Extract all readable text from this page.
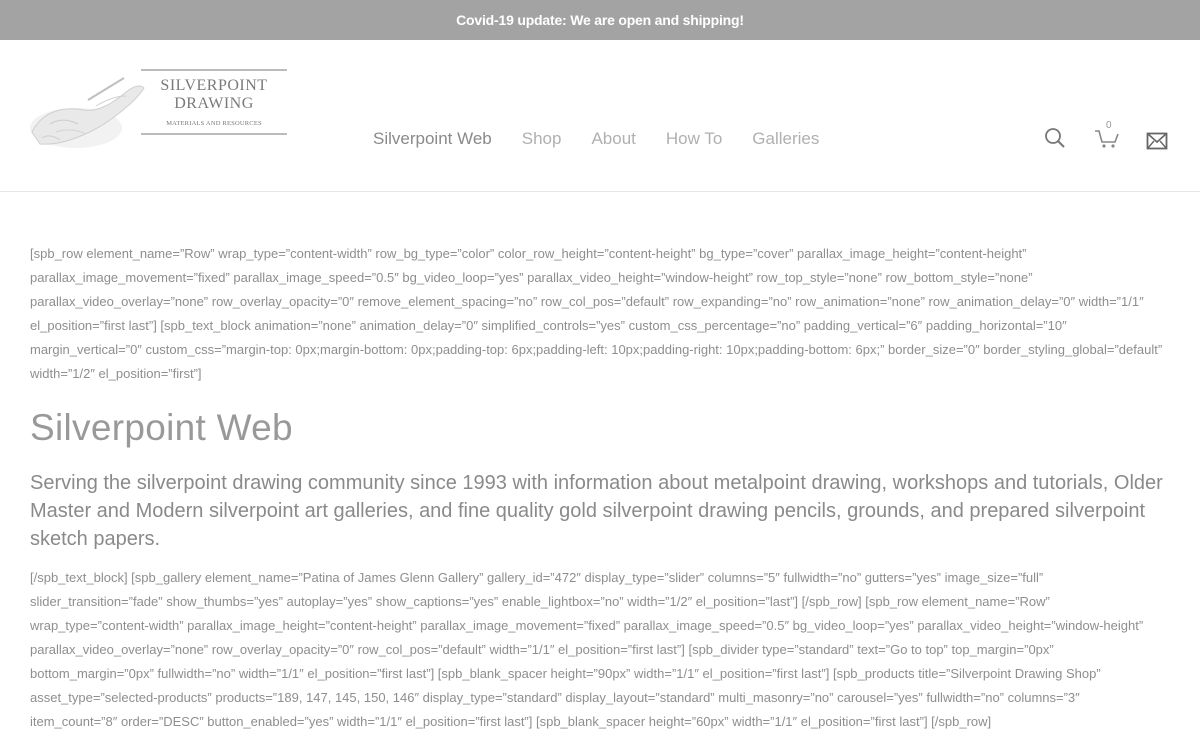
Covid-19 update: We are open and shipping!
SILVERPOINT
DRAWING
MATERIALS AND RESOURCES
Silverpoint Web Shop About How To Galleries
0

[spb_row element_name=”Row” wrap_type=”content-width” row_bg_type=”color” color_row_height=”content-height” bg_type=”cover” parallax_image_height=”content-height” parallax_image_movement=”fixed” parallax_image_speed=”0.5″ bg_video_loop=”yes” parallax_video_height=”window-height” row_top_style=”none” row_bottom_style=”none” parallax_video_overlay=”none” row_overlay_opacity=”0″ remove_element_spacing=”no” row_col_pos=”default” row_expanding=”no” row_animation=”none” row_animation_delay=”0″ width=”1/1″ el_position=”first last”] [spb_text_block animation=”none” animation_delay=”0″ simplified_controls=”yes” custom_css_percentage=”no” padding_vertical=”6″ padding_horizontal=”10″ margin_vertical=”0″ custom_css=”margin-top: 0px;margin-bottom: 0px;padding-top: 6px;padding-left: 10px;padding-right: 10px;padding-bottom: 6px;” border_size=”0″ border_styling_global=”default” width=”1/2″ el_position=”first”]

Silverpoint Web

Serving the silverpoint drawing community since 1993 with information about metalpoint drawing, workshops and tutorials, Older Master and Modern silverpoint art galleries, and fine quality gold silverpoint drawing pencils, grounds, and prepared silverpoint sketch papers.

[/spb_text_block] [spb_gallery element_name=”Patina of James Glenn Gallery” gallery_id=”472″ display_type=”slider” columns=”5″ fullwidth=”no” gutters=”yes” image_size=”full” slider_transition=”fade” show_thumbs=”yes” autoplay=”yes” show_captions=”yes” enable_lightbox=”no” width=”1/2″ el_position=”last”] [/spb_row] [spb_row element_name=”Row” wrap_type=”content-width” parallax_image_height=”content-height” parallax_image_movement=”fixed” parallax_image_speed=”0.5″ bg_video_loop=”yes” parallax_video_height=”window-height” parallax_video_overlay=”none” row_overlay_opacity=”0″ row_col_pos=”default” width=”1/1″ el_position=”first last”] [spb_divider type=”standard” text=”Go to top” top_margin=”0px” bottom_margin=”0px” fullwidth=”no” width=”1/1″ el_position=”first last”] [spb_blank_spacer height=”90px” width=”1/1″ el_position=”first last”] [spb_products title=”Silverpoint Drawing Shop” asset_type=”selected-products” products=”189, 147, 145, 150, 146″ display_type=”standard” display_layout=”standard” multi_masonry=”no” carousel=”yes” fullwidth=”no” columns=”3″ item_count=”8″ order=”DESC” button_enabled=”yes” width=”1/1″ el_position=”first last”] [spb_blank_spacer height=”60px” width=”1/1″ el_position=”first last”] [/spb_row]
